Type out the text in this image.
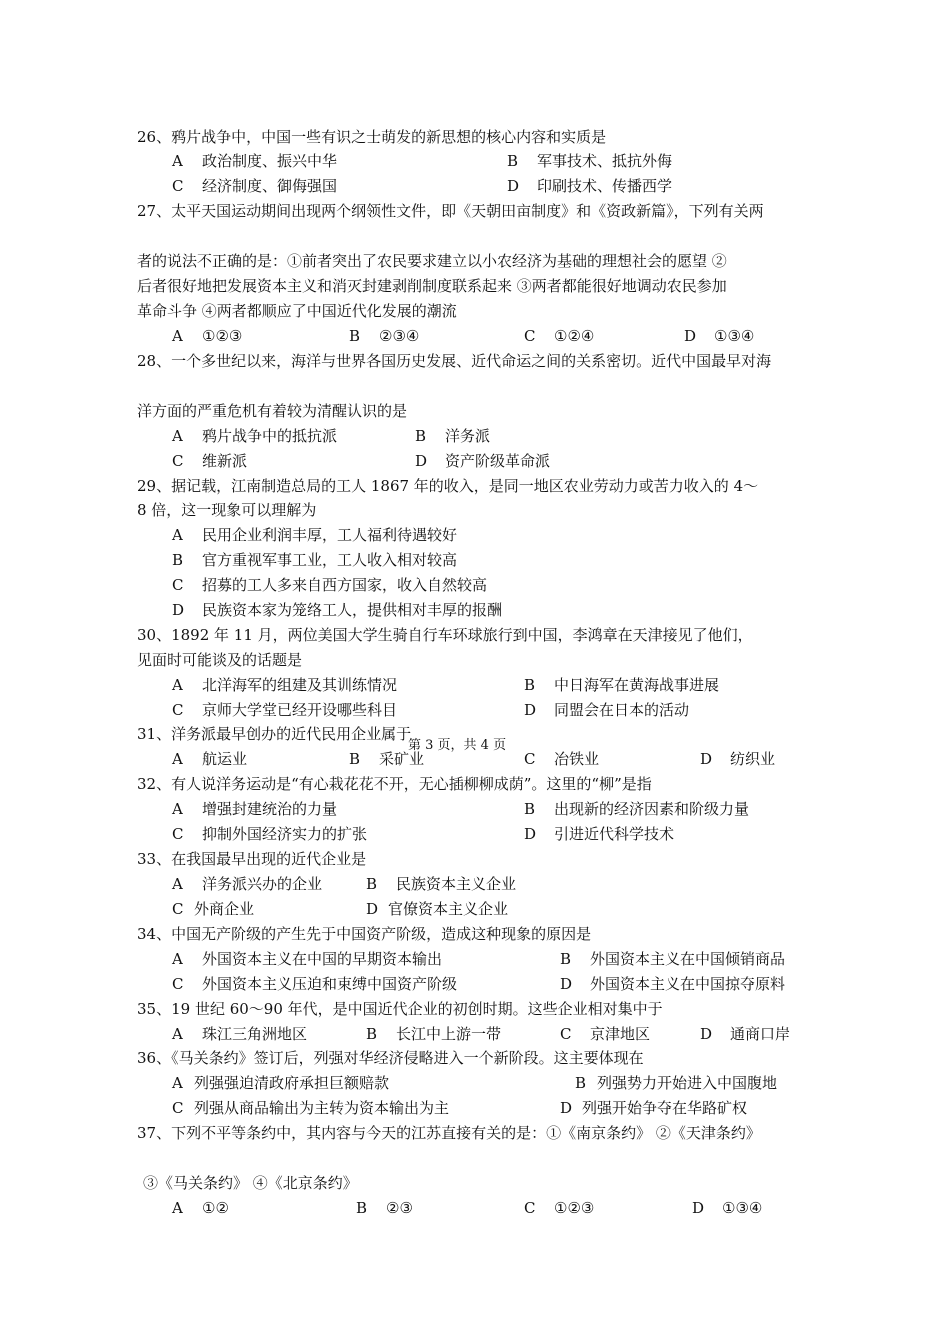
26、鸦片战争中，中国一些有识之士萌发的新思想的核心内容和实质是
A 政治制度、振兴中华	B 军事技术、抵抗外侮
C 经济制度、御侮强国	D 印刷技术、传播西学
27、太平天国运动期间出现两个纲领性文件，即《天朝田亩制度》和《资政新篇》，下列有关两
者的说法不正确的是：①前者突出了农民要求建立以小农经济为基础的理想社会的愿望 ②
后者很好地把发展资本主义和消灭封建剥削制度联系起来 ③两者都能很好地调动农民参加
革命斗争 ④两者都顺应了中国近代化发展的潮流
A ①②③	B ②③④	C ①②④	D ①③④
28、一个多世纪以来，海洋与世界各国历史发展、近代命运之间的关系密切。近代中国最早对海
洋方面的严重危机有着较为清醒认识的是
A 鸦片战争中的抵抗派	B 洋务派
C 维新派	D 资产阶级革命派
29、据记载，江南制造总局的工人 1867 年的收入，是同一地区农业劳动力或苦力收入的 4～
8 倍，这一现象可以理解为
A 民用企业利润丰厚，工人福利待遇较好
B 官方重视军事工业，工人收入相对较高
C 招募的工人多来自西方国家，收入自然较高
D 民族资本家为笼络工人，提供相对丰厚的报酬
30、1892 年 11 月，两位美国大学生骑自行车环球旅行到中国，李鸿章在天津接见了他们，
见面时可能谈及的话题是
A 北洋海军的组建及其训练情况	B 中日海军在黄海战事进展
C 京师大学堂已经开设哪些科目	D 同盟会在日本的活动
31、洋务派最早创办的近代民用企业属于
第 3 页，共 4 页
A 航运业	B 采矿业	C 冶铁业	D 纺织业
32、有人说洋务运动是“有心栽花花不开，无心插柳柳成荫”。这里的“柳”是指
A 增强封建统治的力量	B 出现新的经济因素和阶级力量
C 抑制外国经济实力的扩张	D 引进近代科学技术
33、在我国最早出现的近代企业是
A 洋务派兴办的企业	B 民族资本主义企业
C 外商企业	D 官僚资本主义企业
34、中国无产阶级的产生先于中国资产阶级，造成这种现象的原因是
A 外国资本主义在中国的早期资本输出	B 外国资本主义在中国倾销商品
C 外国资本主义压迫和束缚中国资产阶级	D 外国资本主义在中国掠夺原料
35、19 世纪 60～90 年代，是中国近代企业的初创时期。这些企业相对集中于
A 珠江三角洲地区	B 长江中上游一带	C 京津地区	D 通商口岸
36、《马关条约》签订后，列强对华经济侵略进入一个新阶段。这主要体现在
A 列强强迫清政府承担巨额赔款	B 列强势力开始进入中国腹地
C 列强从商品输出为主转为资本输出为主	D 列强开始争夺在华路矿权
37、下列不平等条约中，其内容与今天的江苏直接有关的是：①《南京条约》 ②《天津条约》
③《马关条约》 ④《北京条约》
A ①②	B ②③	C ①②③	D ①③④
